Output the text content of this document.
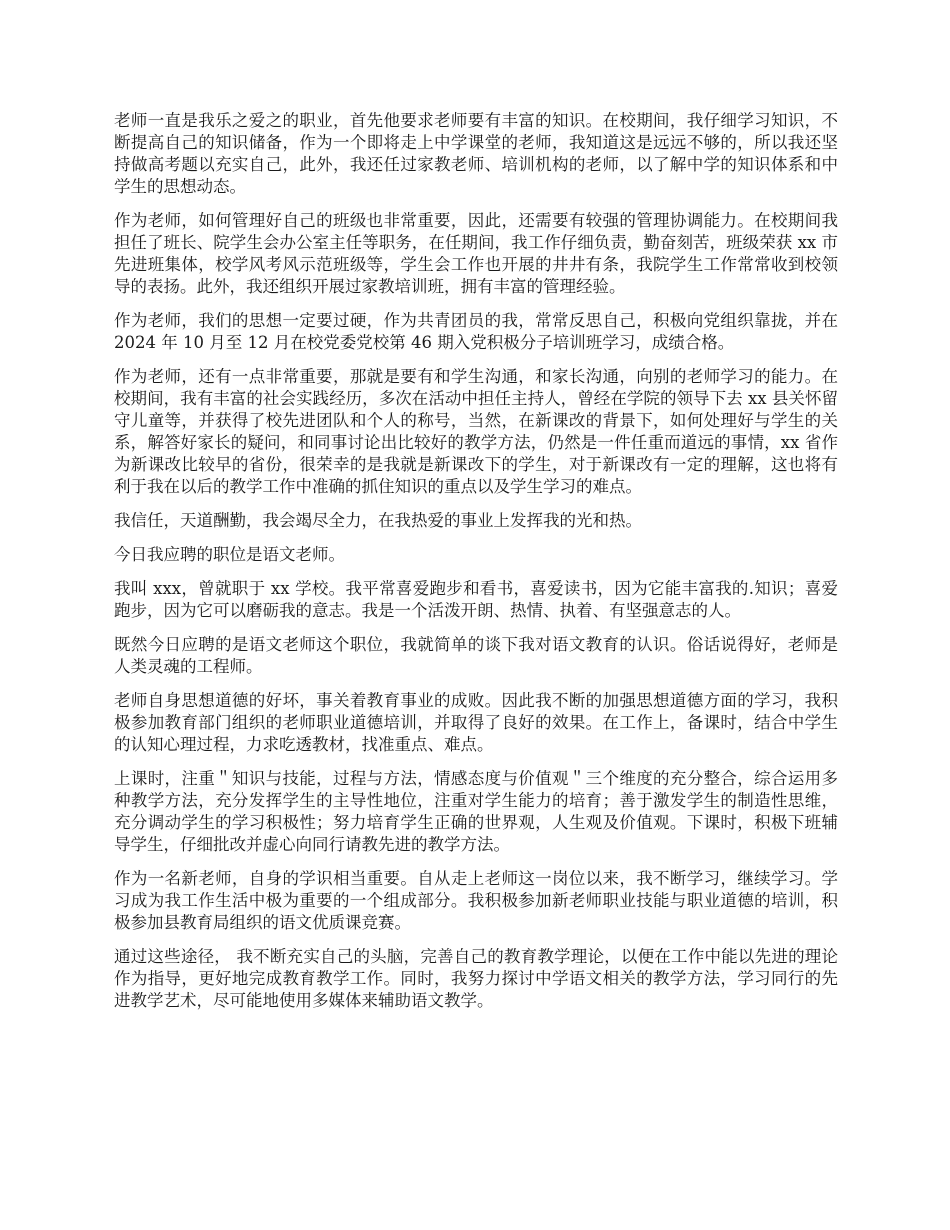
老师一直是我乐之爱之的职业，首先他要求老师要有丰富的知识。在校期间，我仔细学习知识，不断提高自己的知识储备，作为一个即将走上中学课堂的老师，我知道这是远远不够的，所以我还坚持做高考题以充实自己，此外，我还任过家教老师、培训机构的老师，以了解中学的知识体系和中学生的思想动态。

作为老师，如何管理好自己的班级也非常重要，因此，还需要有较强的管理协调能力。在校期间我担任了班长、院学生会办公室主任等职务，在任期间，我工作仔细负责，勤奋刻苦，班级荣获 xx 市先进班集体，校学风考风示范班级等，学生会工作也开展的井井有条，我院学生工作常常收到校领导的表扬。此外，我还组织开展过家教培训班，拥有丰富的管理经验。

作为老师，我们的思想一定要过硬，作为共青团员的我，常常反思自己，积极向党组织靠拢，并在 2024 年 10 月至 12 月在校党委党校第 46 期入党积极分子培训班学习，成绩合格。

作为老师，还有一点非常重要，那就是要有和学生沟通，和家长沟通，向别的老师学习的能力。在校期间，我有丰富的社会实践经历，多次在活动中担任主持人，曾经在学院的领导下去 xx 县关怀留守儿童等，并获得了校先进团队和个人的称号，当然，在新课改的背景下，如何处理好与学生的关系，解答好家长的疑问，和同事讨论出比较好的教学方法，仍然是一件任重而道远的事情，xx 省作为新课改比较早的省份，很荣幸的是我就是新课改下的学生，对于新课改有一定的理解，这也将有利于我在以后的教学工作中准确的抓住知识的重点以及学生学习的难点。

我信任，天道酬勤，我会竭尽全力，在我热爱的事业上发挥我的光和热。

今日我应聘的职位是语文老师。

我叫 xxx，曾就职于 xx 学校。我平常喜爱跑步和看书，喜爱读书，因为它能丰富我的.知识；喜爱跑步，因为它可以磨砺我的意志。我是一个活泼开朗、热情、执着、有坚强意志的人。

既然今日应聘的是语文老师这个职位，我就简单的谈下我对语文教育的认识。俗话说得好，老师是人类灵魂的工程师。

老师自身思想道德的好坏，事关着教育事业的成败。因此我不断的加强思想道德方面的学习，我积极参加教育部门组织的老师职业道德培训，并取得了良好的效果。在工作上，备课时，结合中学生的认知心理过程，力求吃透教材，找准重点、难点。

上课时，注重＂知识与技能，过程与方法，情感态度与价值观＂三个维度的充分整合，综合运用多种教学方法，充分发挥学生的主导性地位，注重对学生能力的培育；善于激发学生的制造性思维，充分调动学生的学习积极性；努力培育学生正确的世界观，人生观及价值观。下课时，积极下班辅导学生，仔细批改并虚心向同行请教先进的教学方法。

作为一名新老师，自身的学识相当重要。自从走上老师这一岗位以来，我不断学习，继续学习。学习成为我工作生活中极为重要的一个组成部分。我积极参加新老师职业技能与职业道德的培训，积极参加县教育局组织的语文优质课竞赛。

通过这些途径， 我不断充实自己的头脑，完善自己的教育教学理论，以便在工作中能以先进的理论作为指导，更好地完成教育教学工作。同时，我努力探讨中学语文相关的教学方法，学习同行的先进教学艺术，尽可能地使用多媒体来辅助语文教学。
